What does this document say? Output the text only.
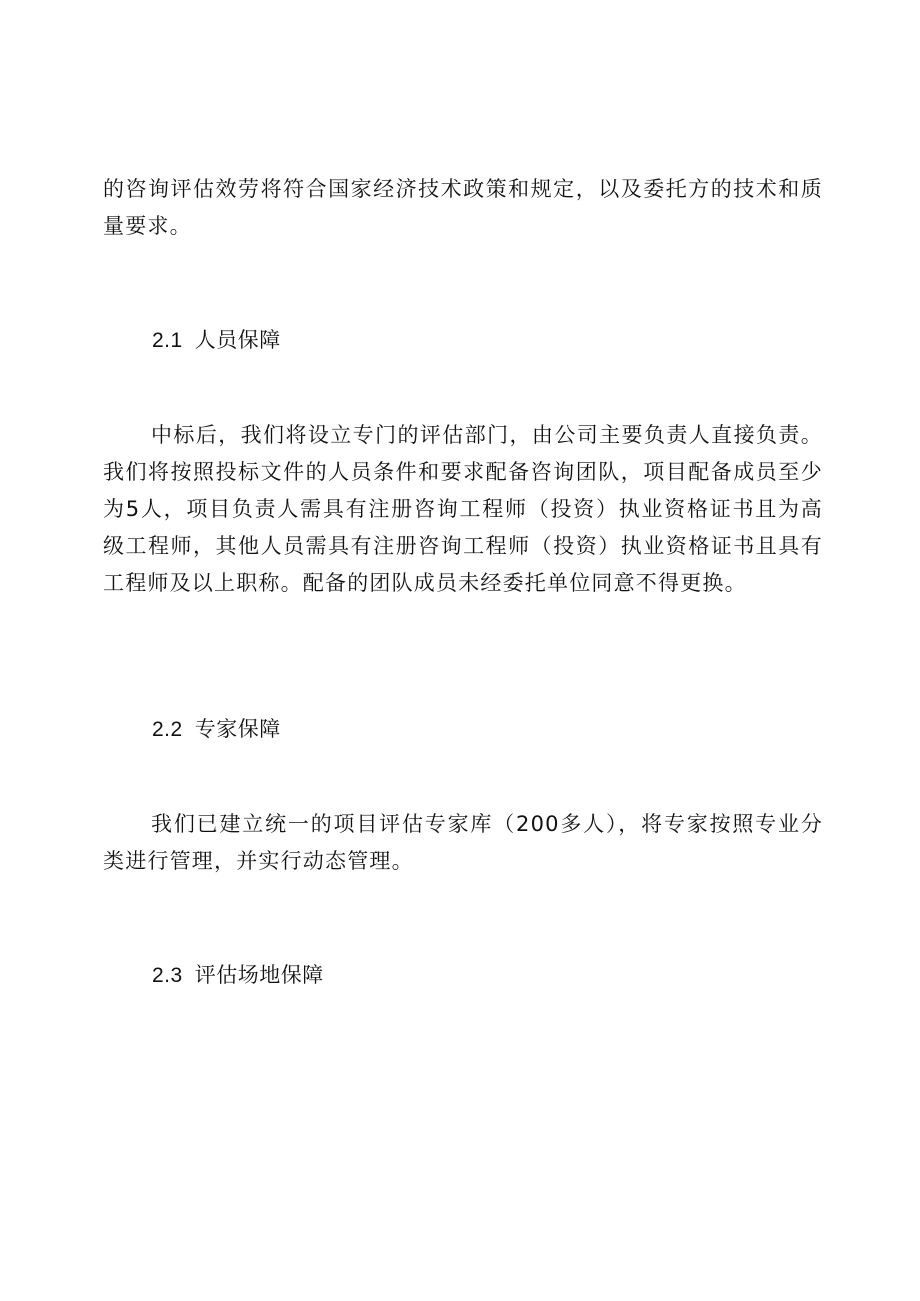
的咨询评估效劳将符合国家经济技术政策和规定，以及委托方的技术和质量要求。

2.1 人员保障

中标后，我们将设立专门的评估部门，由公司主要负责人直接负责。我们将按照投标文件的人员条件和要求配备咨询团队，项目配备成员至少为5人，项目负责人需具有注册咨询工程师（投资）执业资格证书且为高级工程师，其他人员需具有注册咨询工程师（投资）执业资格证书且具有工程师及以上职称。配备的团队成员未经委托单位同意不得更换。

2.2 专家保障

我们已建立统一的项目评估专家库（200多人），将专家按照专业分类进行管理，并实行动态管理。

2.3 评估场地保障
